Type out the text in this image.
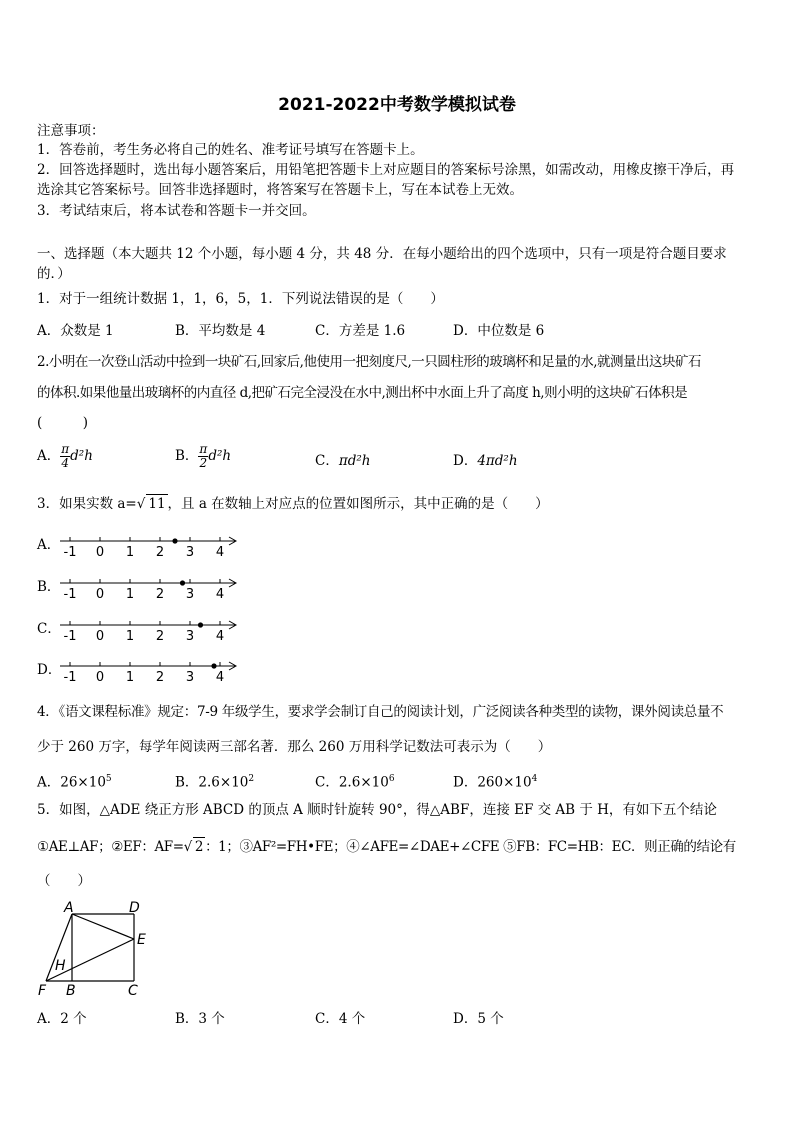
2021-2022中考数学模拟试卷
注意事项：
1．答卷前，考生务必将自己的姓名、准考证号填写在答题卡上。
2．回答选择题时，选出每小题答案后，用铅笔把答题卡上对应题目的答案标号涂黑，如需改动，用橡皮擦干净后，再
选涂其它答案标号。回答非选择题时，将答案写在答题卡上，写在本试卷上无效。
3．考试结束后，将本试卷和答题卡一并交回。
一、选择题（本大题共 12 个小题，每小题 4 分，共 48 分．在每小题给出的四个选项中，只有一项是符合题目要求
的．）
1．对于一组统计数据 1，1，6，5，1．下列说法错误的是（　　）
A．众数是 1	B．平均数是 4	C．方差是 1.6	D．中位数是 6
2.小明在一次登山活动中捡到一块矿石,回家后,他使用一把刻度尺,一只圆柱形的玻璃杯和足量的水,就测量出这块矿石
的体积.如果他量出玻璃杯的内直径 d,把矿石完全浸没在水中,测出杯中水面上升了高度 h,则小明的这块矿石体积是
(　　　)
A． $\frac{\pi}{4} d^2h$	B． $\frac{\pi}{2} d^2h$	C．πd²h	D．4πd²h
3．如果实数 a=√ 11 ，且 a 在数轴上对应点的位置如图所示，其中正确的是（　　）
A． -1 0 1 2 3 4
B． -1 0 1 2 3 4
C． -1 0 1 2 3 4
D． -1 0 1 2 3 4
4．《语文课程标准》规定：7-9 年级学生，要求学会制订自己的阅读计划，广泛阅读各种类型的读物，课外阅读总量不
少于 260 万字，每学年阅读两三部名著．那么 260 万用科学记数法可表示为（　　）
A．$26\times 10^5$	B．$2.6\times 10^2$	C．$2.6\times 10^6$	D．$260\times 10^4$
5．如图，△ADE 绕正方形 ABCD 的顶点 A 顺时针旋转 90°，得△ABF，连接 EF 交 AB 于 H，有如下五个结论
①AE⊥AF；②EF：AF=√ 2 ：1；③AF²=FH•FE；④∠AFE=∠DAE+∠CFE ⑤FB：FC=HB：EC．则正确的结论有
（　　）
A	D
E
H
F B	C
A．2 个	B．3 个	C．4 个	D．5 个
